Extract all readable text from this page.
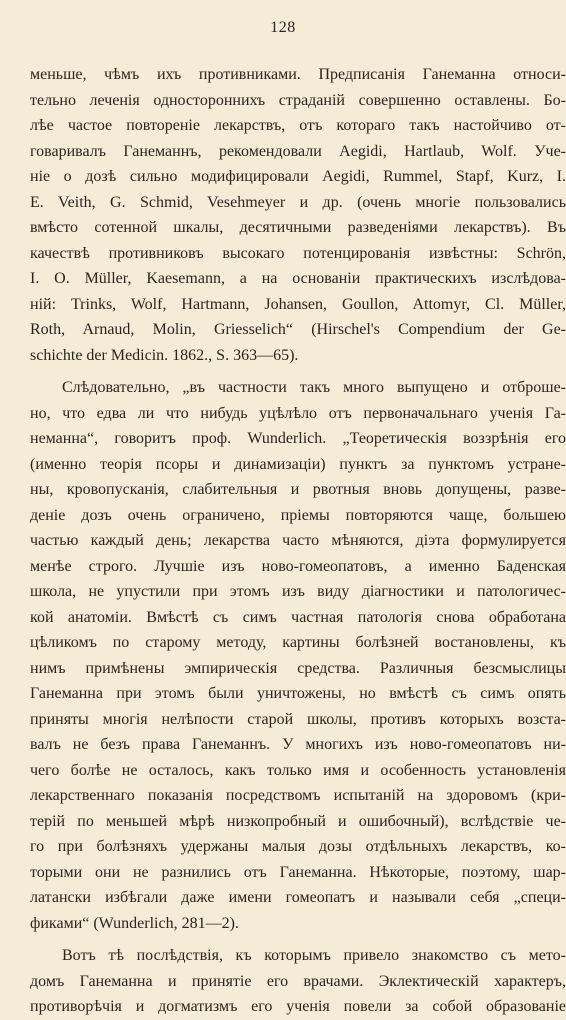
128
меньше, чѣмъ ихъ противниками. Предписанія Ганеманна относи-
тельно леченія одностороннихъ страданій совершенно оставлены. Бо-
лѣе частое повтореніе лекарствъ, отъ котораго такъ настойчиво от-
говаривалъ Ганеманнъ, рекомендовали Aegidi, Hartlaub, Wolf. Уче-
ніе о дозѣ сильно модифицировали Aegidi, Rummel, Stapf, Kurz, I.
E. Veith, G. Schmid, Vesehmeyer и др. (очень многіе пользовались
вмѣсто сотенной шкалы, десятичными разведеніями лекарствъ). Въ
качествѣ противниковъ высокаго потенцированія извѣстны: Schrön,
I. O. Müller, Kaesemann, а на основаніи практическихъ изслѣдова-
ній: Trinks, Wolf, Hartmann, Johansen, Goullon, Attomyr, Cl. Müller,
Roth, Arnaud, Molin, Griesselich“ (Hirschel's Compendium der Ge-
schichte der Medicin. 1862., S. 363—65).
Слѣдовательно, „въ частности такъ много выпущено и отброше-
но, что едва ли что нибудь уцѣлѣло отъ первоначальнаго ученія Га-
неманна“, говоритъ проф. Wunderlich. „Теоретическія воззрѣнія его
(именно теорія псоры и динамизаціи) пунктъ за пунктомъ устране-
ны, кровопусканія, слабительныя и рвотныя вновь допущены, разве-
деніе дозъ очень ограничено, пріемы повторяются чаще, большею
частью каждый день; лекарства часто мѣняются, діэта формулируется
менѣе строго. Лучшіе изъ ново-гомеопатовъ, а именно Баденская
школа, не упустили при этомъ изъ виду діагностики и патологичес-
кой анатоміи. Вмѣстѣ съ симъ частная патологія снова обработана
цѣликомъ по старому методу, картины болѣзней востановлены, къ
нимъ примѣнены эмпирическія средства. Различныя безсмыслицы
Ганеманна при этомъ были уничтожены, но вмѣстѣ съ симъ опять
приняты многія нелѣпости старой школы, противъ которыхъ возста-
валъ не безъ права Ганеманнъ. У многихъ изъ ново-гомеопатовъ ни-
чего болѣе не осталось, какъ только имя и особенность установленія
лекарственнаго показанія посредствомъ испытаній на здоровомъ (кри-
терій по меньшей мѣрѣ низкопробный и ошибочный), вслѣдствіе че-
го при болѣзняхъ удержаны малыя дозы отдѣльныхъ лекарствъ, ко-
торыми они не разнились отъ Ганеманна. Нѣкоторые, поэтому, шар-
латански избѣгали даже имени гомеопатъ и называли себя „специ-
фиками“ (Wunderlich, 281—2).
Вотъ тѣ послѣдствія, къ которымъ привело знакомство съ мето-
домъ Ганеманна и принятіе его врачами. Эклектическій характеръ,
противорѣчія и догматизмъ его ученія повели за собой образованіе
